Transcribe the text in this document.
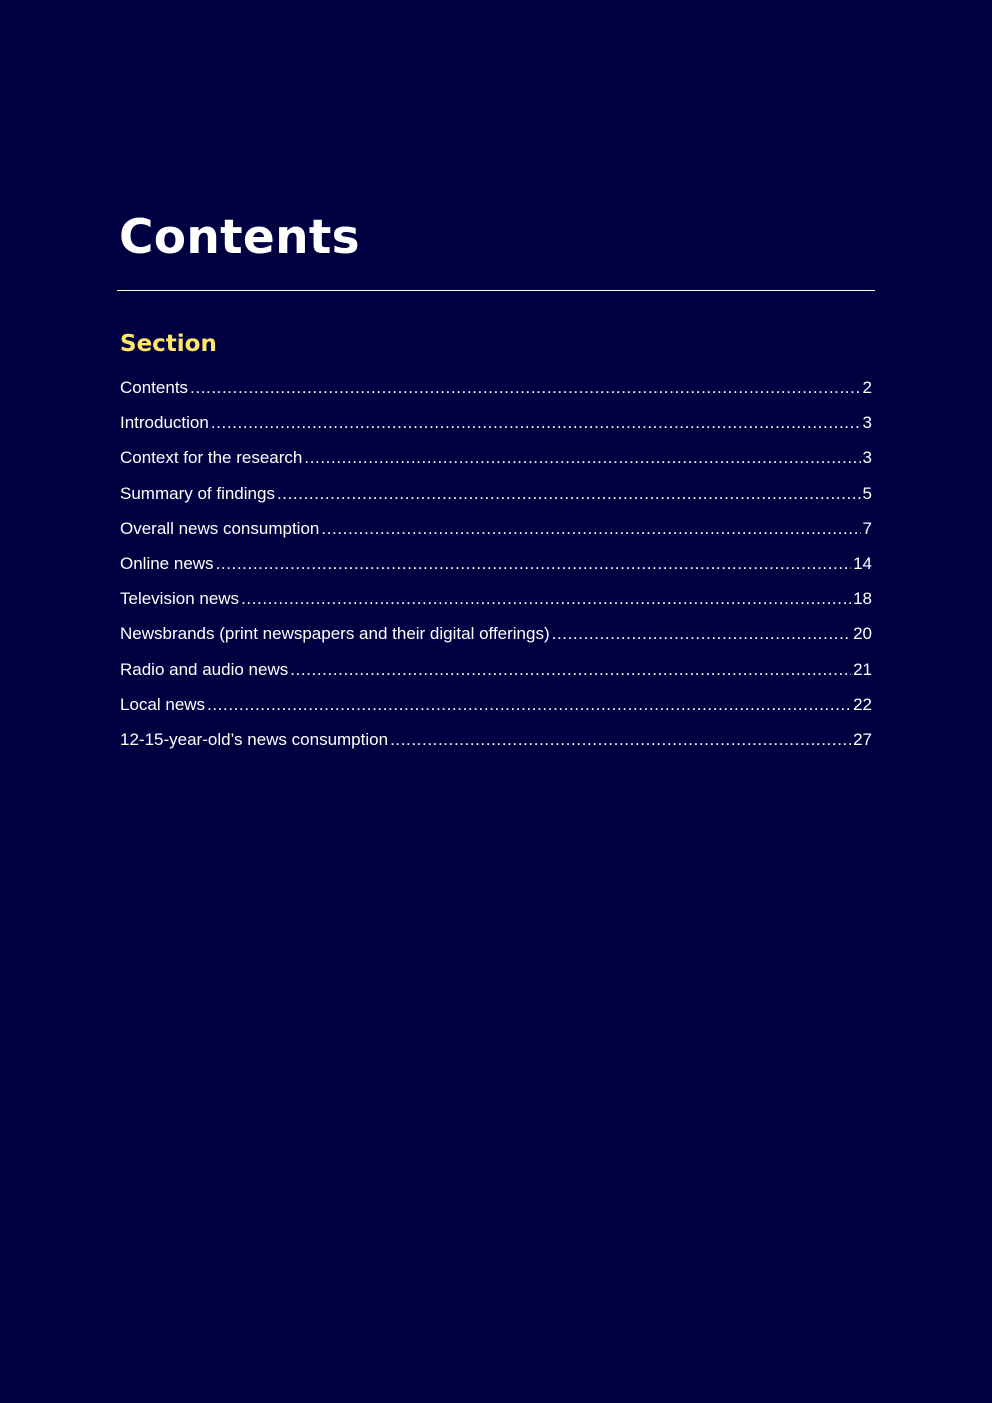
Contents
Section
Contents .....	2
Introduction .....	3
Context for the research .....	3
Summary of findings .....	5
Overall news consumption .....	7
Online news .....	14
Television news .....	18
Newsbrands (print newspapers and their digital offerings) .....	20
Radio and audio news .....	21
Local news .....	22
12-15-year-old’s news consumption .....	27
